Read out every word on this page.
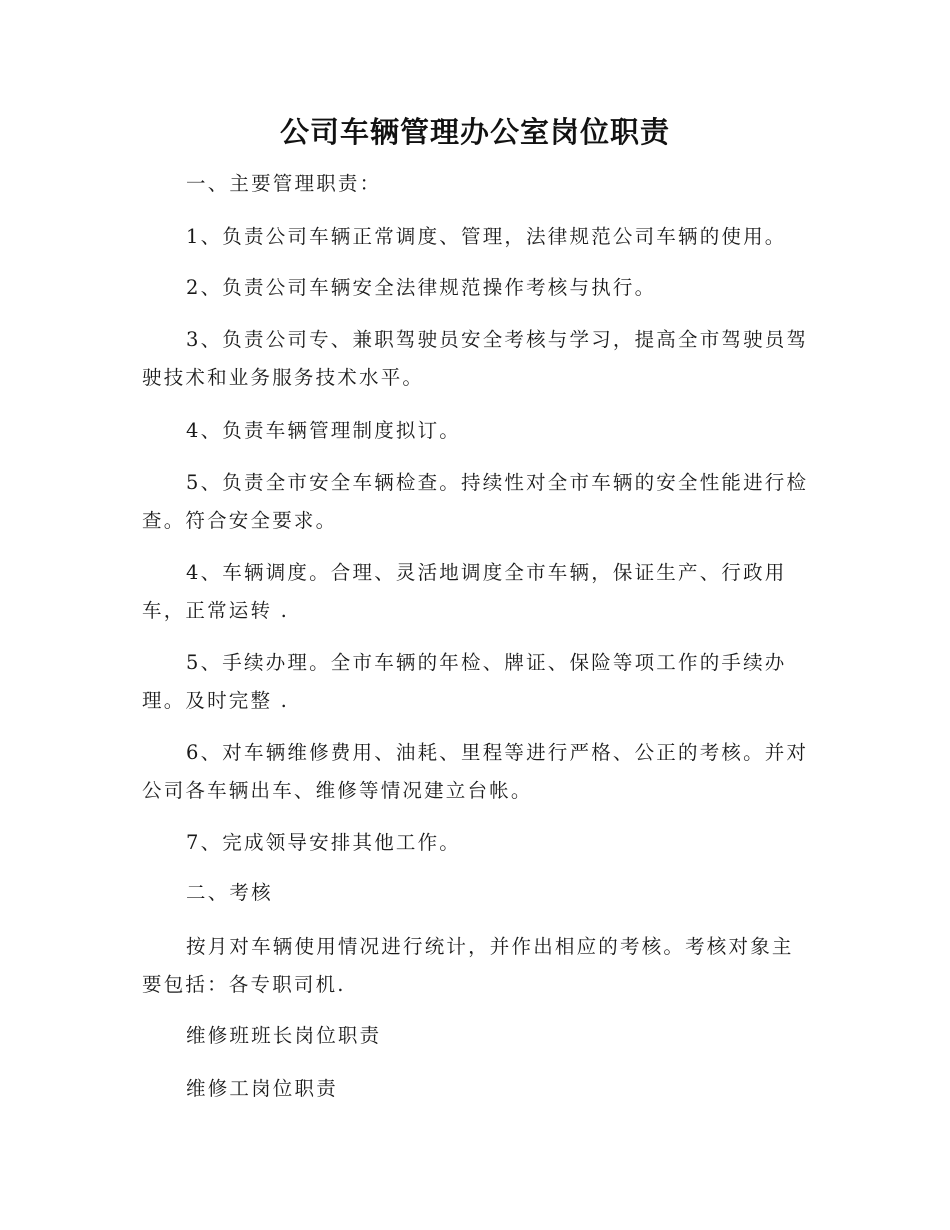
公司车辆管理办公室岗位职责

一、主要管理职责：

1、负责公司车辆正常调度、管理，法律规范公司车辆的使用。

2、负责公司车辆安全法律规范操作考核与执行。

3、负责公司专、兼职驾驶员安全考核与学习，提高全市驾驶员驾驶技术和业务服务技术水平。

4、负责车辆管理制度拟订。

5、负责全市安全车辆检查。持续性对全市车辆的安全性能进行检查。符合安全要求。

4、车辆调度。合理、灵活地调度全市车辆，保证生产、行政用车，正常运转 .

5、手续办理。全市车辆的年检、牌证、保险等项工作的手续办理。及时完整 .

6、对车辆维修费用、油耗、里程等进行严格、公正的考核。并对公司各车辆出车、维修等情况建立台帐。

7、完成领导安排其他工作。

二、考核

按月对车辆使用情况进行统计，并作出相应的考核。考核对象主要包括：各专职司机.

维修班班长岗位职责

维修工岗位职责
